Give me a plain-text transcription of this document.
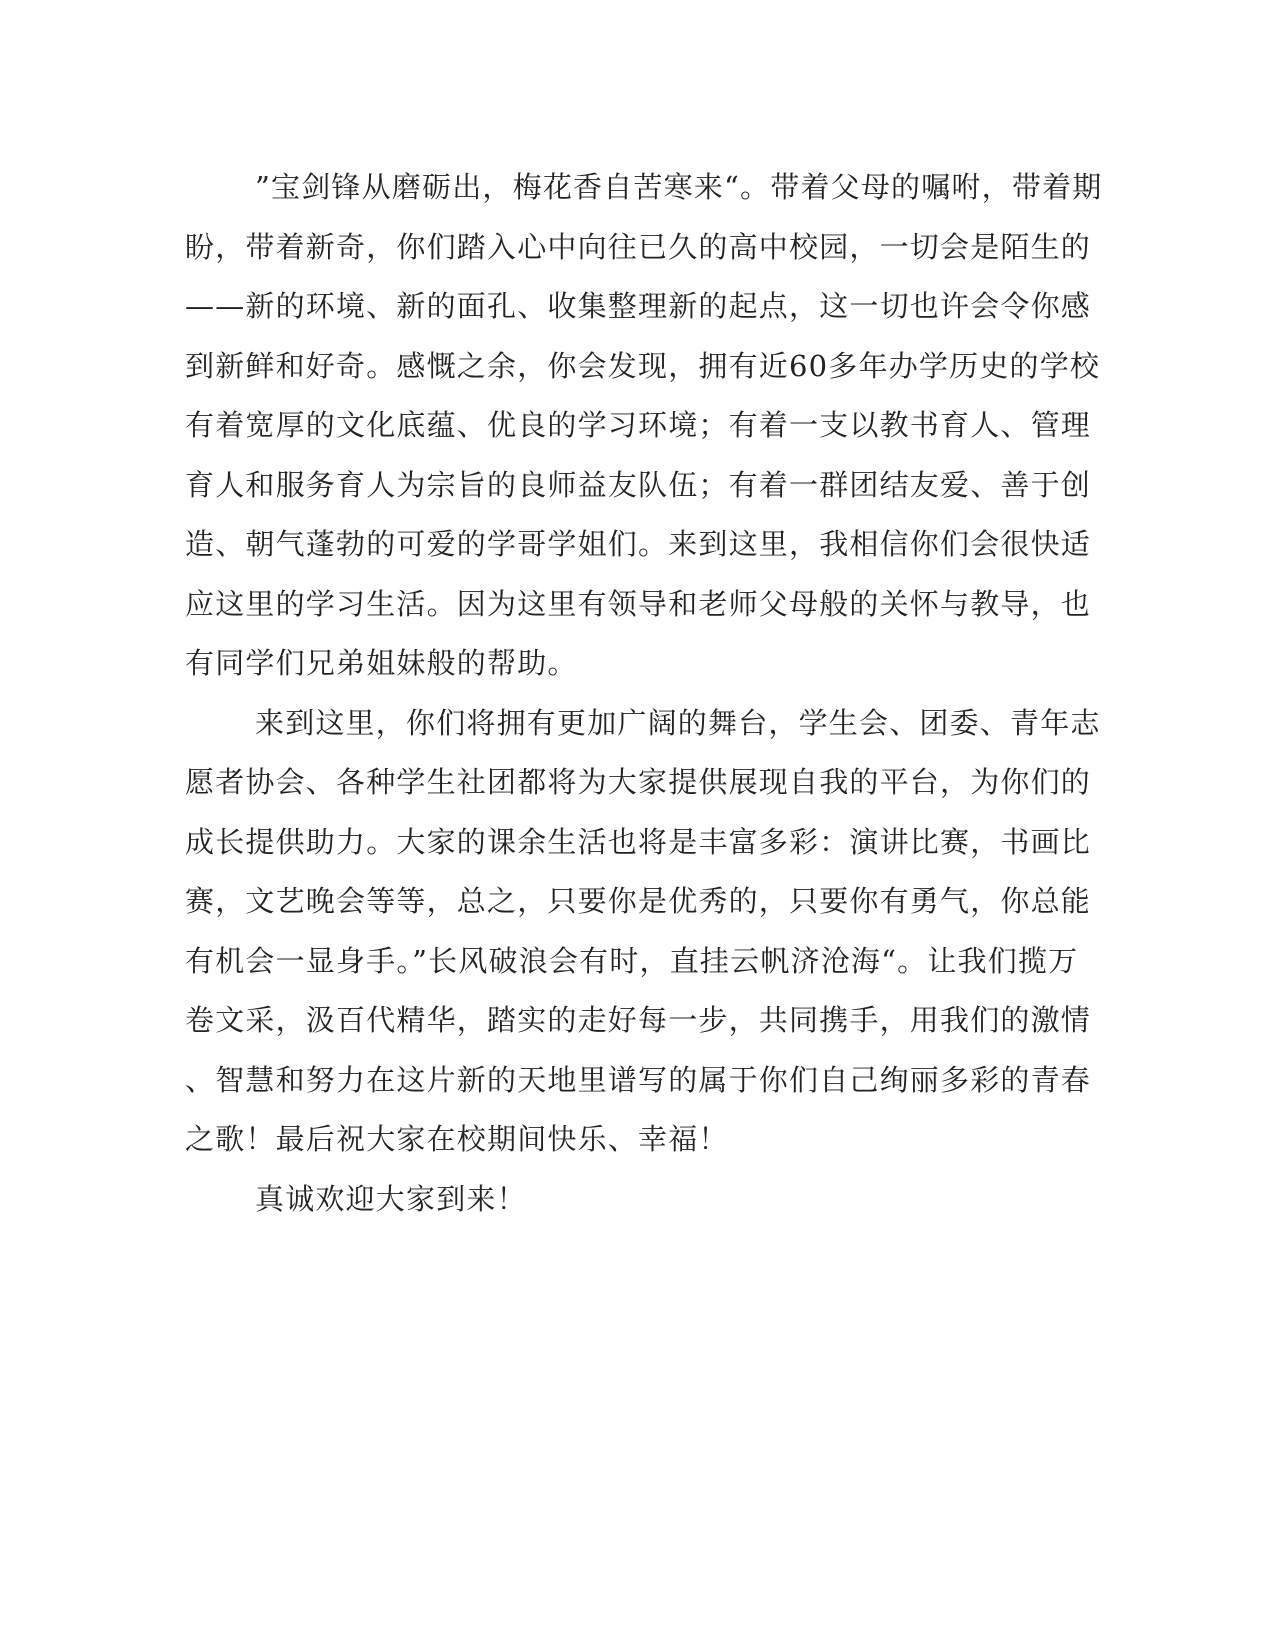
”宝剑锋从磨砺出，梅花香自苦寒来“。带着父母的嘱咐，带着期
盼，带着新奇，你们踏入心中向往已久的高中校园，一切会是陌生的
——新的环境、新的面孔、收集整理新的起点，这一切也许会令你感
到新鲜和好奇。感慨之余，你会发现，拥有近60多年办学历史的学校
有着宽厚的文化底蕴、优良的学习环境；有着一支以教书育人、管理
育人和服务育人为宗旨的良师益友队伍；有着一群团结友爱、善于创
造、朝气蓬勃的可爱的学哥学姐们。来到这里，我相信你们会很快适
应这里的学习生活。因为这里有领导和老师父母般的关怀与教导，也
有同学们兄弟姐妹般的帮助。
来到这里，你们将拥有更加广阔的舞台，学生会、团委、青年志
愿者协会、各种学生社团都将为大家提供展现自我的平台，为你们的
成长提供助力。大家的课余生活也将是丰富多彩：演讲比赛，书画比
赛，文艺晚会等等，总之，只要你是优秀的，只要你有勇气，你总能
有机会一显身手。”长风破浪会有时，直挂云帆济沧海“。让我们揽万
卷文采，汲百代精华，踏实的走好每一步，共同携手，用我们的激情
、智慧和努力在这片新的天地里谱写的属于你们自己绚丽多彩的青春
之歌！最后祝大家在校期间快乐、幸福！
真诚欢迎大家到来！
